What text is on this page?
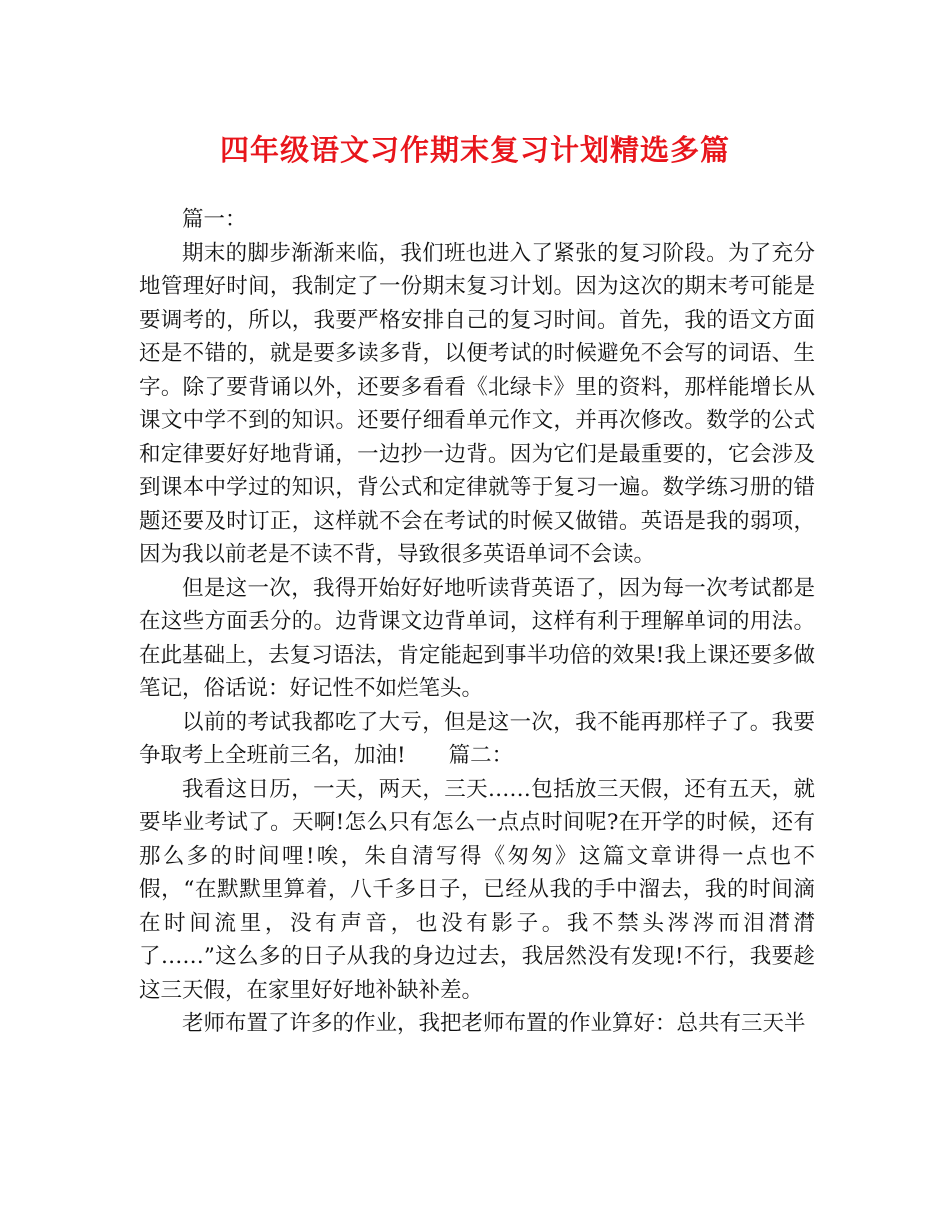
四年级语文习作期末复习计划精选多篇

篇一：

期末的脚步渐渐来临，我们班也进入了紧张的复习阶段。为了充分地管理好时间，我制定了一份期末复习计划。因为这次的期末考可能是要调考的，所以，我要严格安排自己的复习时间。首先，我的语文方面还是不错的，就是要多读多背，以便考试的时候避免不会写的词语、生字。除了要背诵以外，还要多看看《北绿卡》里的资料，那样能增长从课文中学不到的知识。还要仔细看单元作文，并再次修改。数学的公式和定律要好好地背诵，一边抄一边背。因为它们是最重要的，它会涉及到课本中学过的知识，背公式和定律就等于复习一遍。数学练习册的错题还要及时订正，这样就不会在考试的时候又做错。英语是我的弱项，因为我以前老是不读不背，导致很多英语单词不会读。

但是这一次，我得开始好好地听读背英语了，因为每一次考试都是在这些方面丢分的。边背课文边背单词，这样有利于理解单词的用法。在此基础上，去复习语法，肯定能起到事半功倍的效果!我上课还要多做笔记，俗话说：好记性不如烂笔头。

以前的考试我都吃了大亏，但是这一次，我不能再那样子了。我要争取考上全班前三名，加油! 篇二：

我看这日历，一天，两天，三天……包括放三天假，还有五天，就要毕业考试了。天啊!怎么只有怎么一点点时间呢?在开学的时候，还有那么多的时间哩!唉，朱自清写得《匆匆》这篇文章讲得一点也不假，“在默默里算着，八千多日子，已经从我的手中溜去，我的时间滴在时间流里，没有声音，也没有影子。我不禁头涔涔而泪潸潸了……”这么多的日子从我的身边过去，我居然没有发现!不行，我要趁这三天假，在家里好好地补缺补差。

老师布置了许多的作业，我把老师布置的作业算好：总共有三天半
